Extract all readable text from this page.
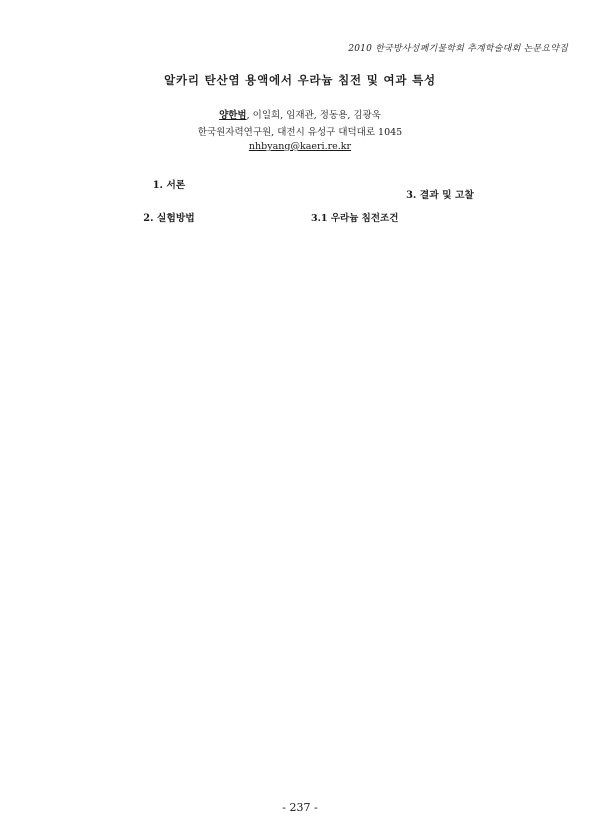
2010 한국방사성폐기물학회 추계학술대회 논문요약집
알카리 탄산염 용액에서 우라늄 침전 및 여과 특성
양한범, 이일희, 임재관, 정동용, 김광욱
한국원자력연구원, 대전시 유성구 대덕대로 1045
nhbyang@kaeri.re.kr
1. 서론

2. 실험방법

3. 결과 및 고찰
3.1 우라늄 침전조건

- 237 -
